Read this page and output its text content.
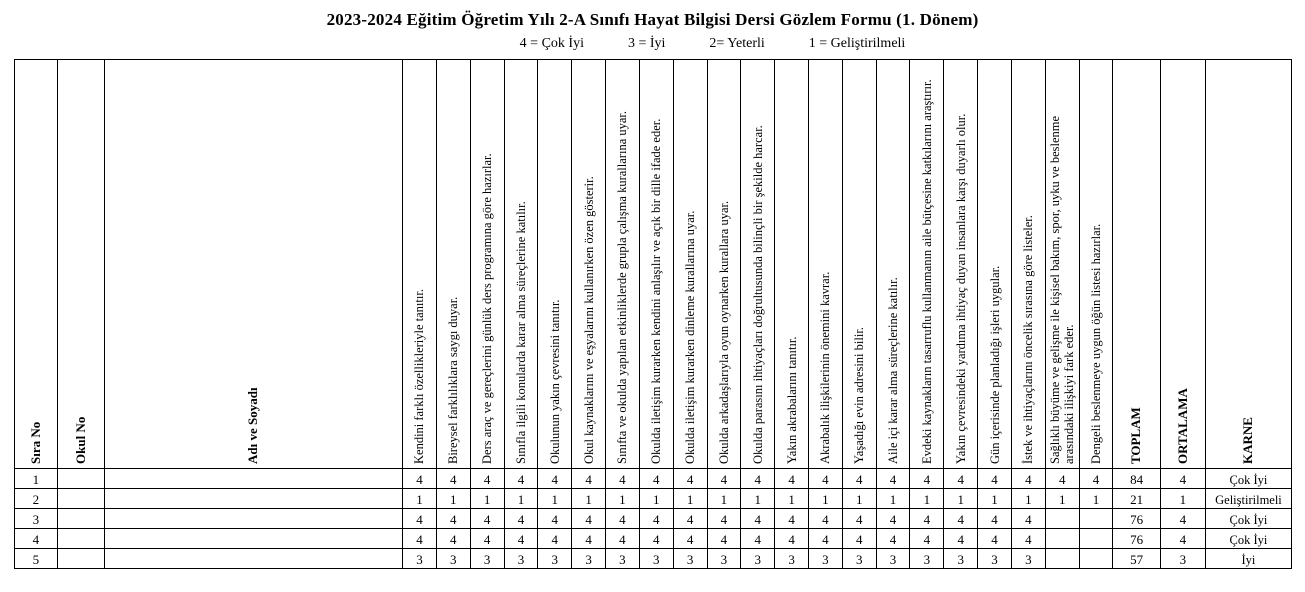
2023-2024 Eğitim Öğretim Yılı 2-A Sınıfı Hayat Bilgisi Dersi Gözlem Formu (1. Dönem)
4 = Çok İyi	3 = İyi	2= Yeterli	1 = Geliştirilmeli
Sıra No	Okul No	Adı ve Soyadı	Kendini farklı özellikleriyle tanıtır.	Bireysel farklılıklara saygı duyar.	Ders araç ve gereçlerini günlük ders programına göre hazırlar.	Sınıfla ilgili konularda karar alma süreçlerine katılır.	Okulunun yakın çevresini tanıtır.	Okul kaynaklarını ve eşyalarını kullanırken özen gösterir.	Sınıfta ve okulda yapılan etkinliklerde grupla çalışma kurallarına uyar.	Okulda iletişim kurarken kendini anlaşılır ve açık bir dille ifade eder.	Okulda iletişim kurarken dinleme kurallarına uyar.	Okulda arkadaşlarıyla oyun oynarken kurallara uyar.	Okulda parasını ihtiyaçları doğrultusunda bilinçli bir şekilde harcar.	Yakın akrabalarını tanıtır.	Akrabalık ilişkilerinin önemini kavrar.	Yaşadığı evin adresini bilir.	Aile içi karar alma süreçlerine katılır.	Evdeki kaynakların tasarruflu kullanmanın aile bütçesine katkılarını araştırır.	Yakın çevresindeki yardıma ihtiyaç duyan insanlara karşı duyarlı olur.	Gün içerisinde planladığı işleri uygular.	İstek ve ihtiyaçlarını öncelik sırasına göre listeler.	Sağlıklı büyüme ve gelişme ile kişisel bakım, spor, uyku ve beslenme arasındaki ilişkiyi fark eder.	Dengeli beslenmeye uygun öğün listesi hazırlar.	TOPLAM	ORTALAMA	KARNE

1			4	4	4	4	4	4	4	4	4	4	4	4	4	4	4	4	4	4	4	4	4	84	4	Çok İyi
2			1	1	1	1	1	1	1	1	1	1	1	1	1	1	1	1	1	1	1	1	1	21	1	Geliştirilmeli
3			4	4	4	4	4	4	4	4	4	4	4	4	4	4	4	4	4	4	4			76	4	Çok İyi
4			4	4	4	4	4	4	4	4	4	4	4	4	4	4	4	4	4	4	4			76	4	Çok İyi
5			3	3	3	3	3	3	3	3	3	3	3	3	3	3	3	3	3	3	3			57	3	İyi
